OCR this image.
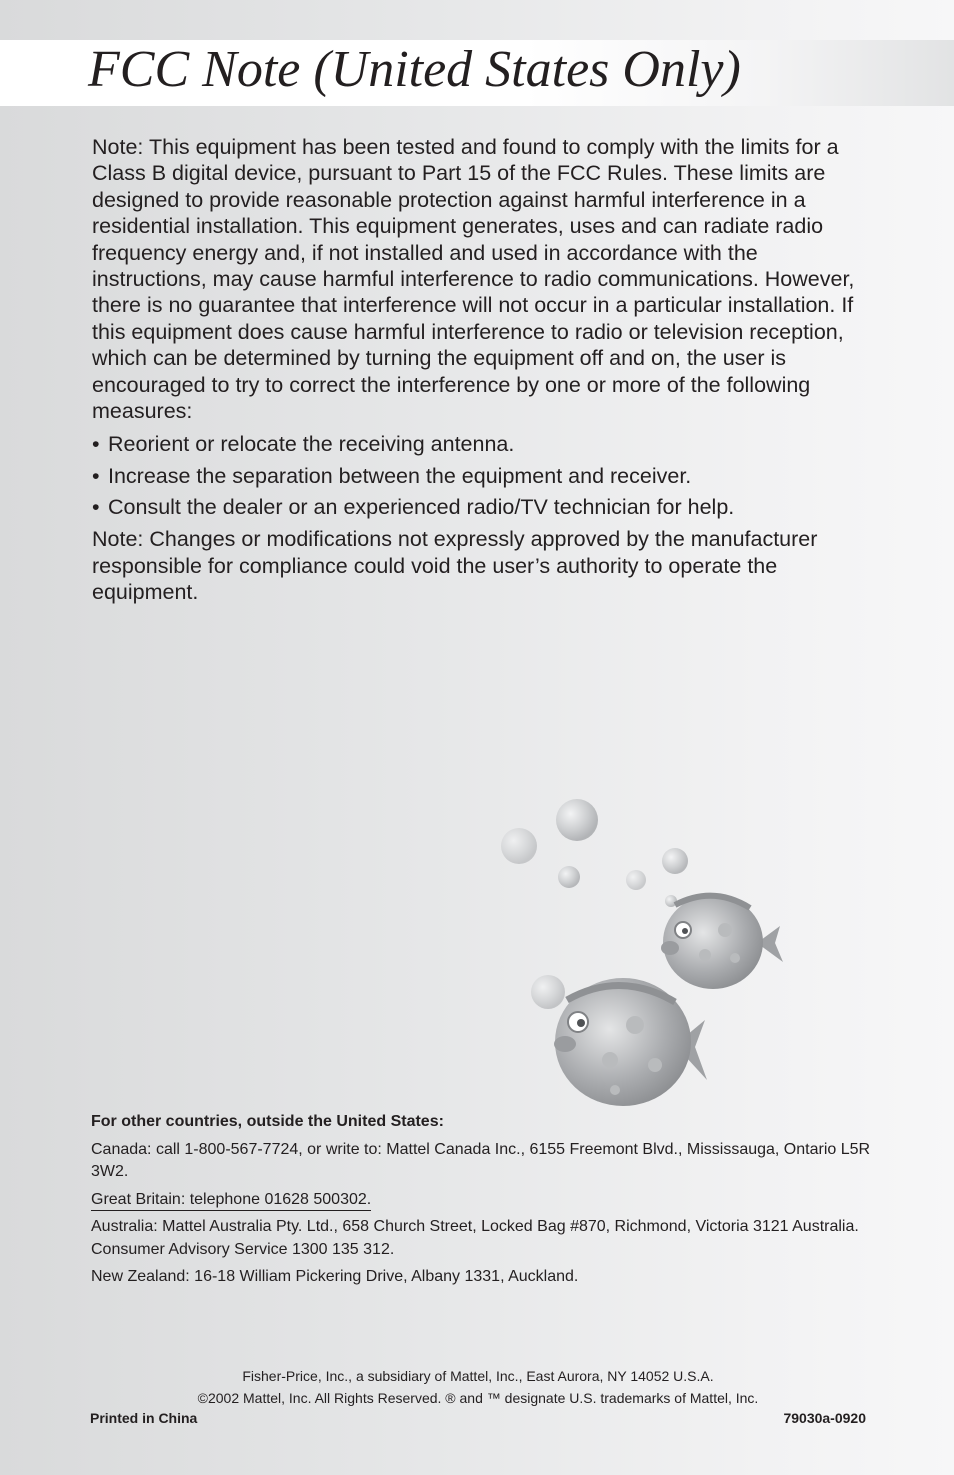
FCC Note (United States Only)

Note: This equipment has been tested and found to comply with the limits for a Class B digital device, pursuant to Part 15 of the FCC Rules. These limits are designed to provide reasonable protection against harmful interference in a residential installation. This equipment generates, uses and can radiate radio frequency energy and, if not installed and used in accordance with the instructions, may cause harmful interference to radio communications. However, there is no guarantee that interference will not occur in a particular installation. If this equipment does cause harmful interference to radio or television reception, which can be determined by turning the equipment off and on, the user is encouraged to try to correct the interference by one or more of the following measures:

• Reorient or relocate the receiving antenna.
• Increase the separation between the equipment and receiver.
• Consult the dealer or an experienced radio/TV technician for help.

Note: Changes or modifications not expressly approved by the manufacturer responsible for compliance could void the user’s authority to operate the equipment.

For other countries, outside the United States:

Canada: call 1-800-567-7724, or write to: Mattel Canada Inc., 6155 Freemont Blvd., Mississauga, Ontario L5R 3W2.

Great Britain: telephone 01628 500302.

Australia: Mattel Australia Pty. Ltd., 658 Church Street, Locked Bag #870, Richmond, Victoria 3121 Australia. Consumer Advisory Service 1300 135 312.

New Zealand: 16-18 William Pickering Drive, Albany 1331, Auckland.

Fisher-Price, Inc., a subsidiary of Mattel, Inc., East Aurora, NY 14052 U.S.A.

©2002 Mattel, Inc. All Rights Reserved. ® and ™ designate U.S. trademarks of Mattel, Inc.

Printed in China	79030a-0920
